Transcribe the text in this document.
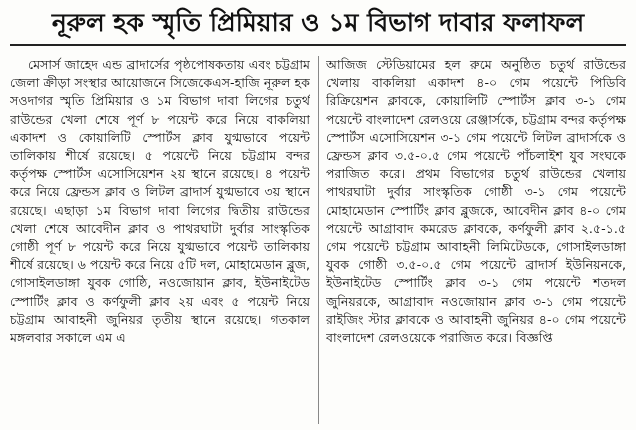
নূরুল হক স্মৃতি প্রিমিয়ার ও ১ম বিভাগ দাবার ফলাফল

মেসার্স জাহেদ এন্ড ব্রাদার্সের পৃষ্ঠপোষকতায় এবং চট্টগ্রাম জেলা ক্রীড়া সংস্থার আয়োজনে সিজেকেএস-হাজি নূরুল হক সওদাগর স্মৃতি প্রিমিয়ার ও ১ম বিভাগ দাবা লিগের চতুর্থ রাউন্ডের খেলা শেষে পূর্ণ ৮ পয়েন্ট করে নিয়ে বাকলিয়া একাদশ ও কোয়ালিটি স্পোর্টস ক্লাব যুগ্মভাবে পয়েন্ট তালিকায় শীর্ষে রয়েছে। ৫ পয়েন্টে নিয়ে চট্টগ্রাম বন্দর কর্তৃপক্ষ স্পোর্টস এসোসিয়েশন ২য় স্থানে রয়েছে। ৪ পয়েন্ট করে নিয়ে ফ্রেন্ডস ক্লাব ও লিটল ব্রাদার্স যুগ্মভাবে ৩য় স্থানে রয়েছে। এছাড়া ১ম বিভাগ দাবা লিগের দ্বিতীয় রাউন্ডের খেলা শেষে আবেদীন ক্লাব ও পাথরঘাটা দুর্বার সাংস্কৃতিক গোষ্ঠী পূর্ণ ৮ পয়েন্ট করে নিয়ে যুগ্মভাবে পয়েন্ট তালিকায় শীর্ষে রয়েছে। ৬ পয়েন্ট করে নিয়ে ৫টি দল, মোহামেডান ব্লুজ, গোসাইলডাঙ্গা যুবক গোষ্ঠি, নওজোয়ান ক্লাব, ইউনাইটেড স্পোর্টিং ক্লাব ও কর্ণফুলী ক্লাব ২য় এবং ৫ পয়েন্ট নিয়ে চট্টগ্রাম আবাহনী জুনিয়র তৃতীয় স্থানে রয়েছে। গতকাল মঙ্গলবার সকালে এম এ

আজিজ স্টেডিয়ামের হল রুমে অনুষ্ঠিত চতুর্থ রাউন্ডের খেলায় বাকলিয়া একাদশ ৪-০ গেম পয়েন্টে পিডিবি রিক্রিয়েশন ক্লাবকে, কোয়ালিটি স্পোর্টস ক্লাব ৩-১ গেম পয়েন্টে বাংলাদেশ রেলওয়ে রেঞ্জার্সকে, চট্টগ্রাম বন্দর কর্তৃপক্ষ স্পোর্টস এসোসিয়েশন ৩-১ গেম পয়েন্টে লিটল ব্রাদার্সকে ও ফ্রেন্ডস ক্লাব ৩.৫-০.৫ গেম পয়েন্টে পাঁচলাইশ যুব সংঘকে পরাজিত করে। প্রথম বিভাগের চতুর্থ রাউন্ডের খেলায় পাথরঘাটা দুর্বার সাংস্কৃতিক গোষ্ঠী ৩-১ গেম পয়েন্টে মোহামেডান স্পোর্টিং ক্লাব ব্লুজকে, আবেদীন ক্লাব ৪-০ গেম পয়েন্টে আগ্রাবাদ কমরেড ক্লাবকে, কর্ণফুলী ক্লাব ২.৫-১.৫ গেম পয়েন্টে চট্টগ্রাম আবাহনী লিমিটেডকে, গোসাইলডাঙ্গা যুবক গোষ্ঠী ৩.৫-০.৫ গেম পয়েন্টে ব্রাদার্স ইউনিয়নকে, ইউনাইটেড স্পোর্টিং ক্লাব ৩-১ গেম পয়েন্টে শতদল জুনিয়রকে, আগ্রাবাদ নওজোয়ান ক্লাব ৩-১ গেম পয়েন্টে রাইজিং স্টার ক্লাবকে ও আবাহনী জুনিয়র ৪-০ গেম পয়েন্টে বাংলাদেশ রেলওয়েকে পরাজিত করে। বিজ্ঞপ্তি
